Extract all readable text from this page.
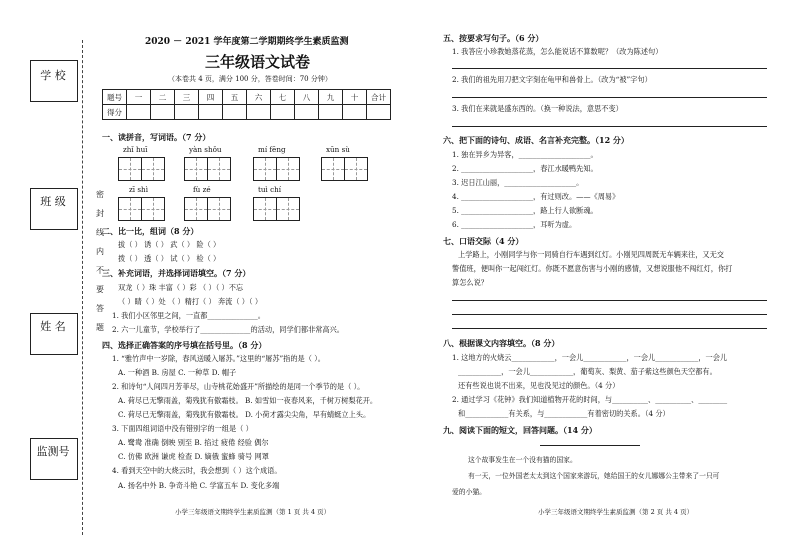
学 校
班 级
姓 名
监测号
密
封
线
内
不
要
答
题
2020 － 2021 学年度第二学期期终学生素质监测
三年级语文试卷
（本卷共 4 页，满分 100 分，答卷时间：70 分钟）
题号	一	二	三	四	五	六	七	八	九	十	合计
得分											
一、读拼音，写词语。（7 分）
zhǐ huī	yàn shǒu	mí fēng	xūn sù
zī shì	fù zé	tuì chí
二、比一比，组词（8 分）
拔（ ） 诱（ ） 武（ ） 险（ ）
拨（ ） 透（ ） 试（ ） 检（ ）
三、补充词语，并选择词语填空。（7 分）
双龙（ ）珠 丰富（ ）彩 （ ）（ ）不忘
（ ）睛（ ）处 （ ）精打（ ） 奔流（ ）（ ）
1. 我们小区邻里之间，一直都______________。
2. 六一儿童节，学校举行了______________的活动，同学们都非常高兴。
四、选择正确答案的序号填在括号里。（8 分）
1. “雅竹声中一岁除，春风送暖入屠苏。”这里的“屠苏”指的是（ ）。
A. 一种酒 B. 房屋 C. 一种草 D. 帽子
2. 和诗句“人间四月芳菲尽，山寺桃花始盛开”所描绘的是同一个季节的是（ ）。
A. 荷尽已无擎雨盖，菊残犹有傲霜枝。 B. 如雪如一夜春风来，千树万树梨花开。
C. 荷尽已无擎雨盖，菊残犹有傲霜枝。 D. 小荷才露尖尖角，早有蜻蜓立上头。
3. 下面四组词语中没有错别字的一组是（ ）
A. 鹭鸯 准确 倒映 别至 B. 掐过 疲倦 经验 偶尔
C. 仿佛 欧洲 谦虎 检查 D. 嫡俄 蜜蜂 骑号 网罩
4. 看到天空中的大烧云时，我会想到（ ）这个成语。
A. 扬名中外 B. 争奇斗艳 C. 学富五车 D. 变化多端
小学三年级语文期终学生素质监测（第 1 页 共 4 页）
五、按要求写句子。（6 分）
1. 我答应小珍教她蒸花蒸，怎么能说话不算数呢？（改为陈述句）
2. 我们的祖先用刀把文字刻在龟甲和兽骨上。（改为“被”字句）
3. 我们在来就是盛东西的。（换一种说法，意思不变）
六、把下面的诗句、成语、名言补充完整。（12 分）
1. 独在异乡为异客，____________________。
2. ____________________，春江水暖鸭先知。
3. 迟日江山丽，____________________。
4. ____________________，有过则改。——《周易》
5. ____________________，路上行人欲断魂。
6. ____________________，耳听为虚。
七、口语交际（4 分）
上学路上，小刚同学与你一同骑自行车遇到红灯。小刚见四周既无车辆来往，又无交
警值班，便叫你一起闯红灯。你既不愿意伤害与小刚的感情，又想说服他不闯红灯，你打
算怎么说？
八、根据课文内容填空。（8 分）
1. 这地方的火烧云____________，一会儿____________，一会儿____________，一会儿
____________，一会儿____________，葡萄灰、梨黄、茄子紫这些颜色天空都有。
还有些说也说不出来，见也没见过的颜色。（4 分）
2. 通过学习《花钟》我们知道植物开花的时间，与__________、__________、________
和____________有关系，与____________有着密切的关系。（4 分）
九、阅读下面的短文，回答问题。（14 分）
这个故事发生在一个没有猫的国家。
有一天，一位外国老太太到这个国家来游玩，她给国王的女儿娜娜公主带来了一只可
爱的小猫。
小学三年级语文期终学生素质监测（第 2 页 共 4 页）
